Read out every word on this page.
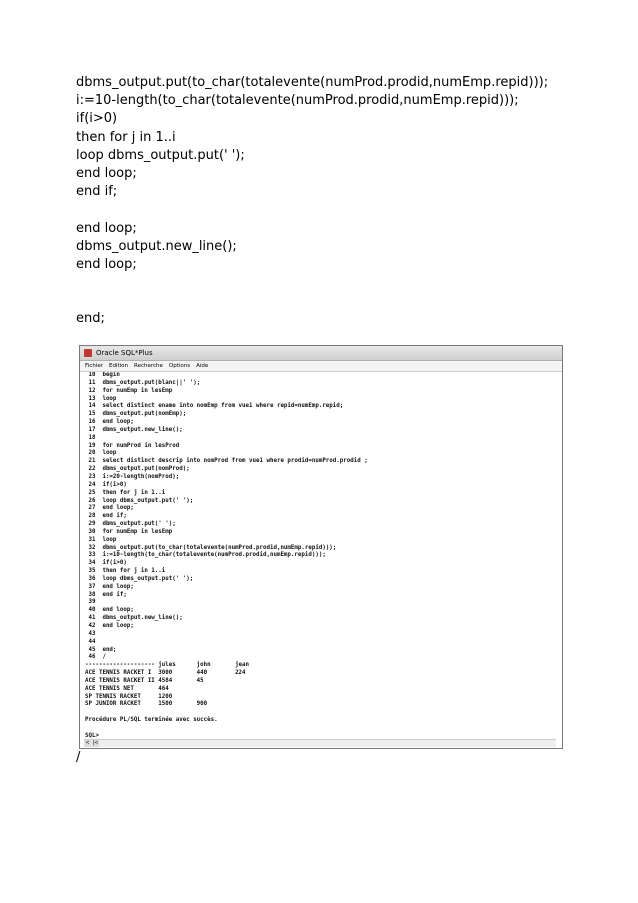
dbms_output.put(to_char(totalevente(numProd.prodid,numEmp.repid)));
i:=10-length(to_char(totalevente(numProd.prodid,numEmp.repid)));
if(i>0)
then for j in 1..i
loop dbms_output.put(' ');
end loop;
end if;
end loop;
dbms_output.new_line();
end loop;
end;
Oracle SQL*Plus
Fichier Edition Recherche Options Aide
10  begin
11  dbms_output.put(blanc||' ');
12  for numEmp in lesEmp
13  loop
14  select distinct ename into nomEmp from vue1 where repid=numEmp.repid;
15  dbms_output.put(nomEmp);
16  end loop;
17  dbms_output.new_line();
18
19  for numProd in lesProd
20  loop
21  select distinct descrip into nomProd from vue1 where prodid=numProd.prodid ;
22  dbms_output.put(nomProd);
23  i:=20-length(nomProd);
24  if(i>0)
25  then for j in 1..i
26  loop dbms_output.put(' ');
27  end loop;
28  end if;
29  dbms_output.put(' ');
30  for numEmp in lesEmp
31  loop
32  dbms_output.put(to_char(totalevente(numProd.prodid,numEmp.repid)));
33  i:=10-length(to_char(totalevente(numProd.prodid,numEmp.repid)));
34  if(i>0)
35  then for j in 1..i
36  loop dbms_output.put(' ');
37  end loop;
38  end if;
39
40  end loop;
41  dbms_output.new_line();
42  end loop;
43
44
45  end;
46  /
-------------------- jules      john       jean
ACE TENNIS RACKET I  3000       440        224
ACE TENNIS RACKET II 4584       45
ACE TENNIS NET       464
SP TENNIS RACKET     1200
SP JUNIOR RACKET     1500       900
Procédure PL/SQL terminée avec succès.
SQL>
< |<
/
